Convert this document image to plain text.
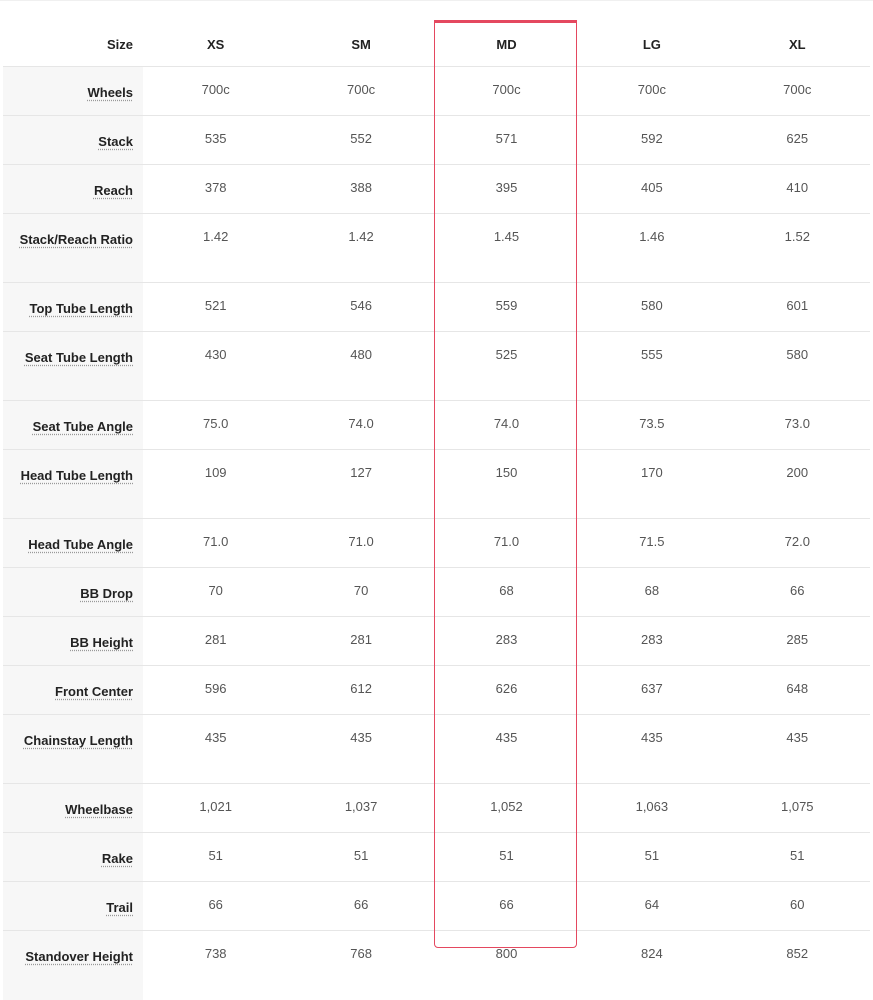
Size	XS	SM	MD	LG	XL
Wheels	700c	700c	700c	700c	700c
Stack	535	552	571	592	625
Reach	378	388	395	405	410
Stack/Reach Ratio	1.42	1.42	1.45	1.46	1.52
Top Tube Length	521	546	559	580	601
Seat Tube Length	430	480	525	555	580
Seat Tube Angle	75.0	74.0	74.0	73.5	73.0
Head Tube Length	109	127	150	170	200
Head Tube Angle	71.0	71.0	71.0	71.5	72.0
BB Drop	70	70	68	68	66
BB Height	281	281	283	283	285
Front Center	596	612	626	637	648
Chainstay Length	435	435	435	435	435
Wheelbase	1,021	1,037	1,052	1,063	1,075
Rake	51	51	51	51	51
Trail	66	66	66	64	60
Standover Height	738	768	800	824	852
